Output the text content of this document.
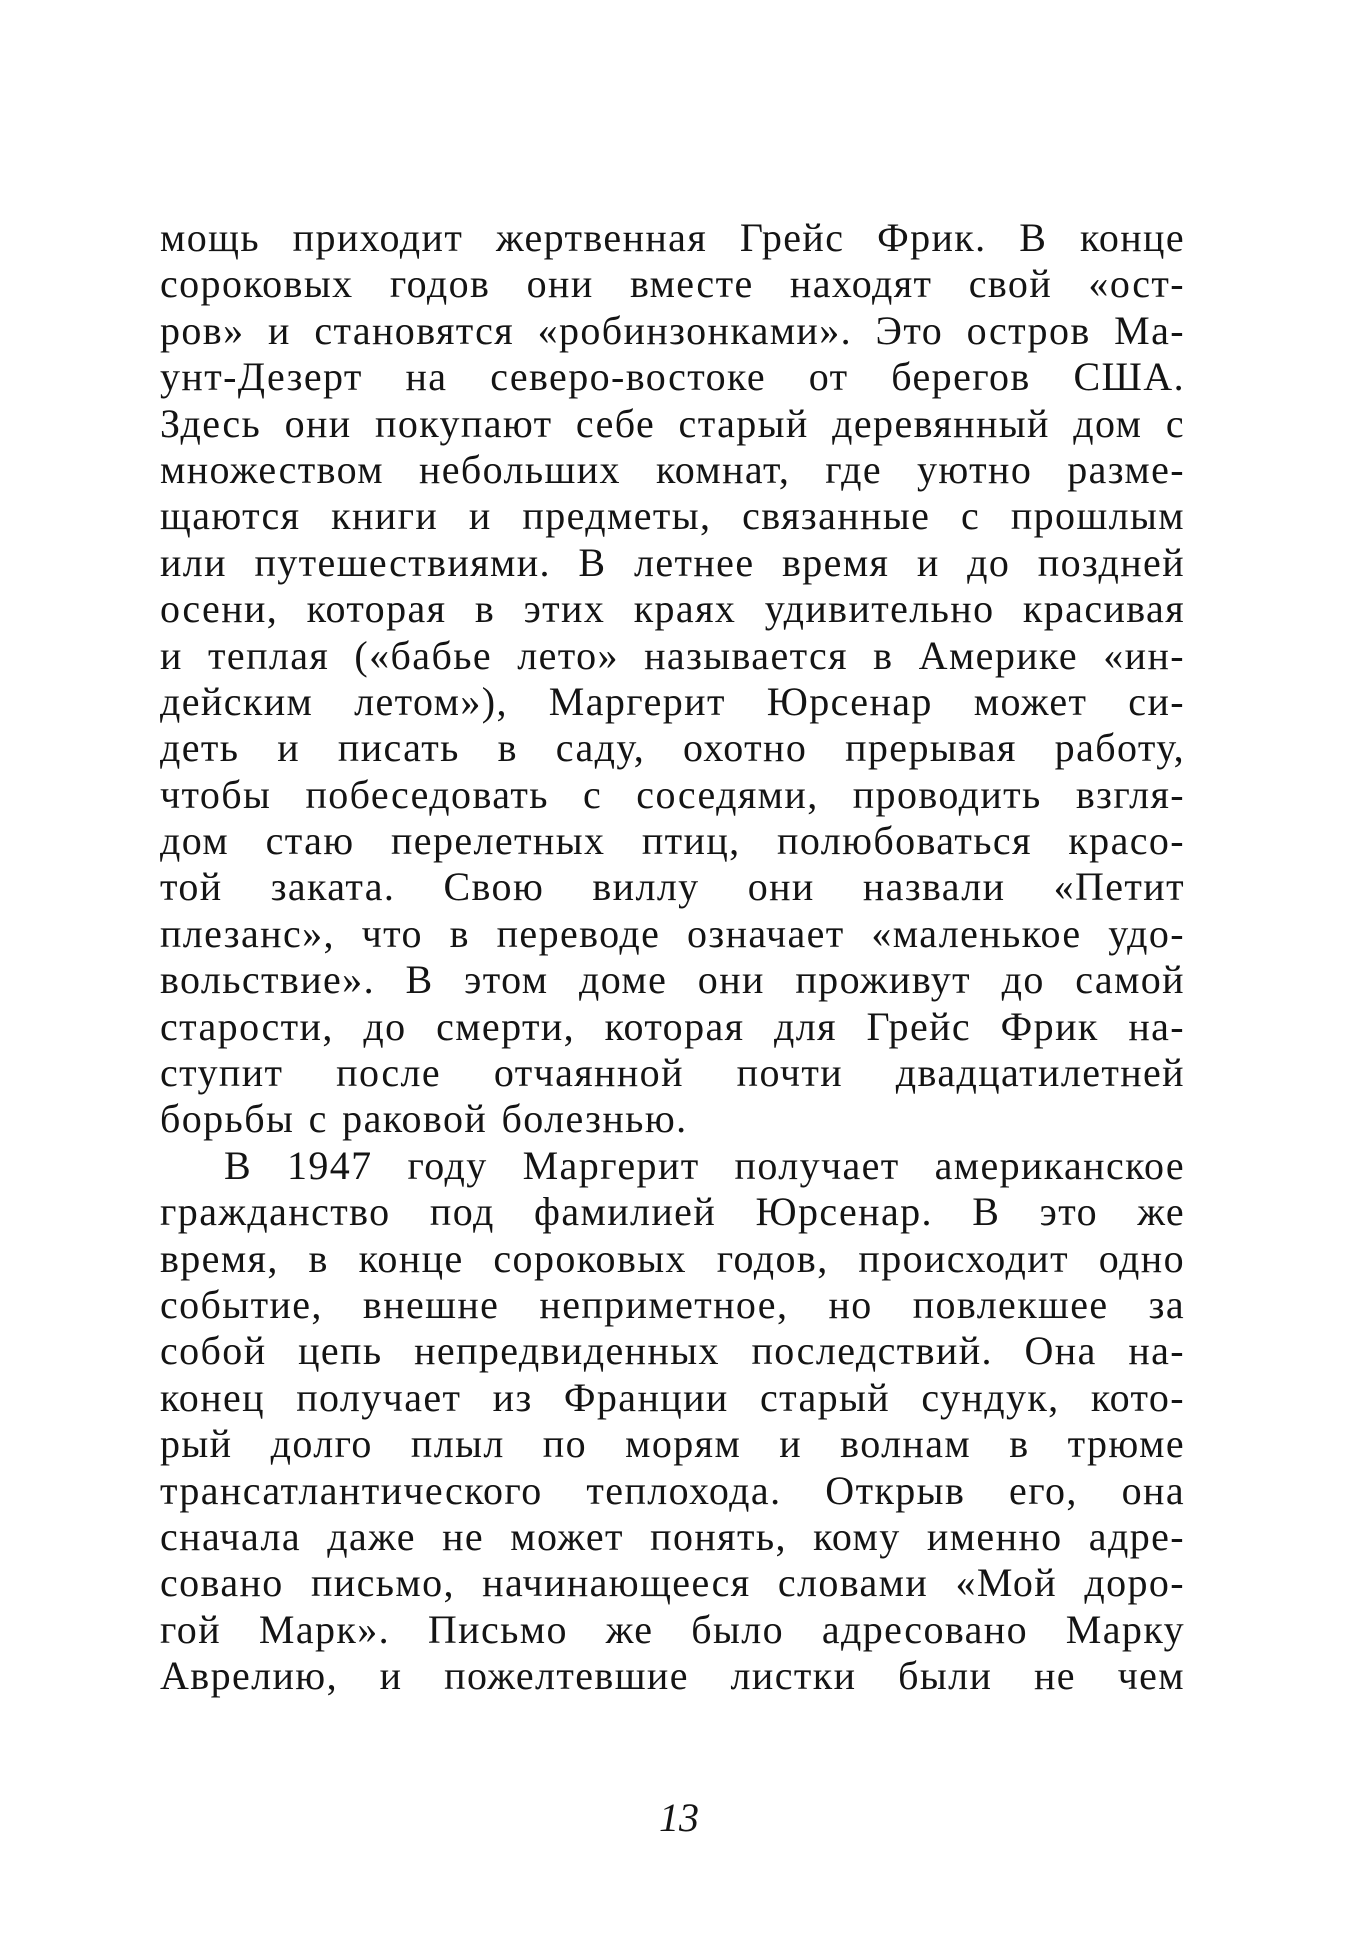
мощь приходит жертвенная Грейс Фрик. В конце
сороковых годов они вместе находят свой «ост-
ров» и становятся «робинзонками». Это остров Ма-
унт-Дезерт на северо-востоке от берегов США.
Здесь они покупают себе старый деревянный дом с
множеством небольших комнат, где уютно разме-
щаются книги и предметы, связанные с прошлым
или путешествиями. В летнее время и до поздней
осени, которая в этих краях удивительно красивая
и теплая («бабье лето» называется в Америке «ин-
дейским летом»), Маргерит Юрсенар может си-
деть и писать в саду, охотно прерывая работу,
чтобы побеседовать с соседями, проводить взгля-
дом стаю перелетных птиц, полюбоваться красо-
той заката. Свою виллу они назвали «Петит
плезанс», что в переводе означает «маленькое удо-
вольствие». В этом доме они проживут до самой
старости, до смерти, которая для Грейс Фрик на-
ступит после отчаянной почти двадцатилетней
борьбы с раковой болезнью.
В 1947 году Маргерит получает американское
гражданство под фамилией Юрсенар. В это же
время, в конце сороковых годов, происходит одно
событие, внешне неприметное, но повлекшее за
собой цепь непредвиденных последствий. Она на-
конец получает из Франции старый сундук, кото-
рый долго плыл по морям и волнам в трюме
трансатлантического теплохода. Открыв его, она
сначала даже не может понять, кому именно адре-
совано письмо, начинающееся словами «Мой доро-
гой Марк». Письмо же было адресовано Марку
Аврелию, и пожелтевшие листки были не чем
13
